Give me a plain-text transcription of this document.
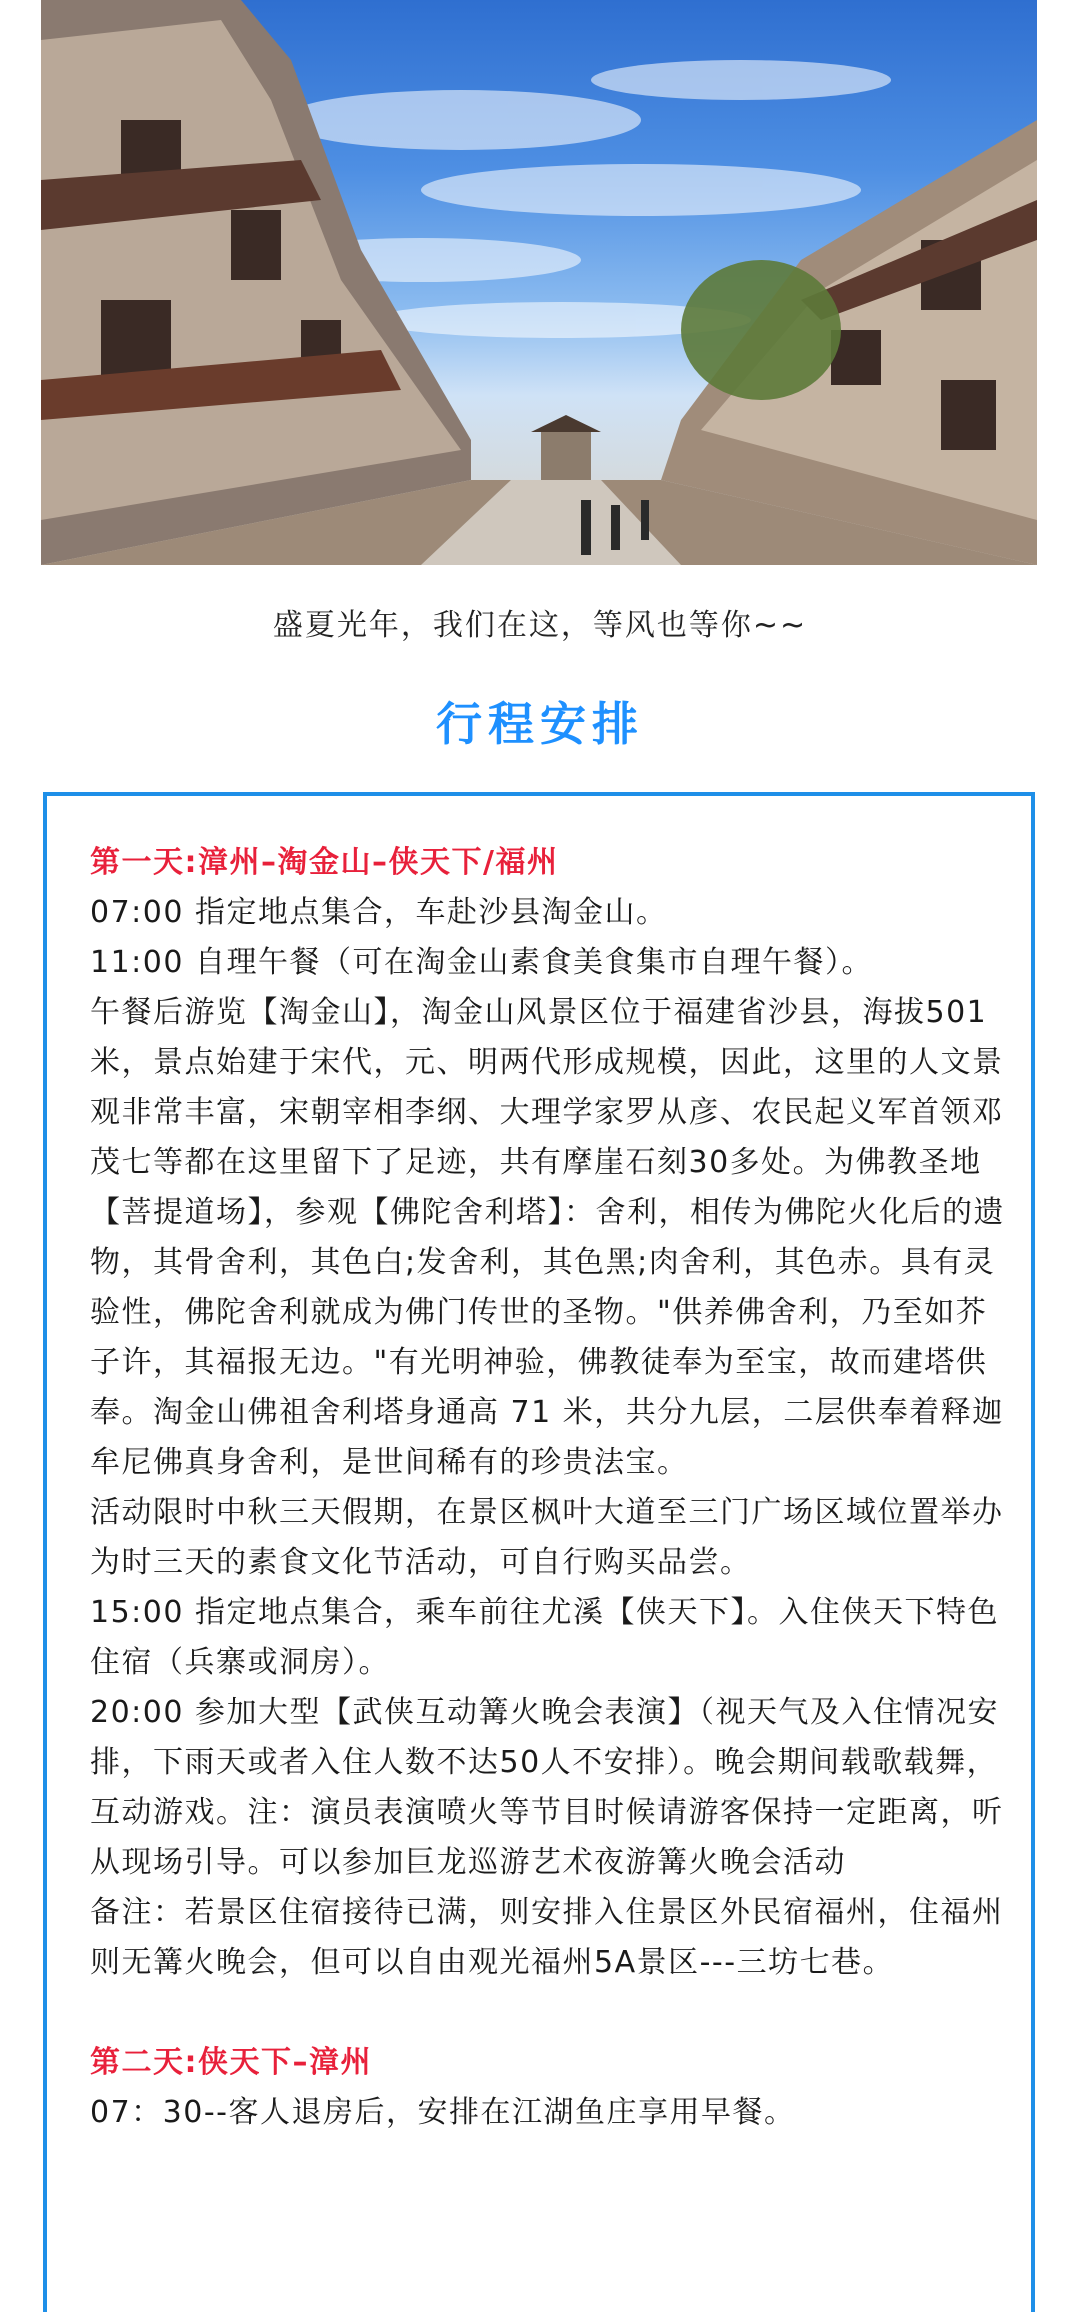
盛夏光年，我们在这，等风也等你~~
行程安排

第一天:漳州–淘金山–侠天下/福州

07:00 指定地点集合，车赴沙县淘金山。

11:00 自理午餐（可在淘金山素食美食集市自理午餐）。

午餐后游览【淘金山】，淘金山风景区位于福建省沙县，海拔501米，景点始建于宋代，元、明两代形成规模，因此，这里的人文景观非常丰富，宋朝宰相李纲、大理学家罗从彦、农民起义军首领邓茂七等都在这里留下了足迹，共有摩崖石刻30多处。为佛教圣地【菩提道场】，参观【佛陀舍利塔】：舍利，相传为佛陀火化后的遗物，其骨舍利，其色白;发舍利，其色黑;肉舍利，其色赤。具有灵验性，佛陀舍利就成为佛门传世的圣物。"供养佛舍利，乃至如芥子许，其福报无边。"有光明神验，佛教徒奉为至宝，故而建塔供奉。淘金山佛祖舍利塔身通高 71 米，共分九层，二层供奉着释迦牟尼佛真身舍利，是世间稀有的珍贵法宝。

活动限时中秋三天假期，在景区枫叶大道至三门广场区域位置举办为时三天的素食文化节活动，可自行购买品尝。

15:00 指定地点集合，乘车前往尤溪【侠天下】。入住侠天下特色住宿（兵寨或洞房）。

20:00 参加大型【武侠互动篝火晚会表演】（视天气及入住情况安排，下雨天或者入住人数不达50人不安排）。晚会期间载歌载舞，互动游戏。注：演员表演喷火等节目时候请游客保持一定距离，听从现场引导。可以参加巨龙巡游艺术夜游篝火晚会活动

备注：若景区住宿接待已满，则安排入住景区外民宿福州，住福州则无篝火晚会，但可以自由观光福州5A景区---三坊七巷。

第二天:侠天下–漳州

07：30--客人退房后，安排在江湖鱼庄享用早餐。
